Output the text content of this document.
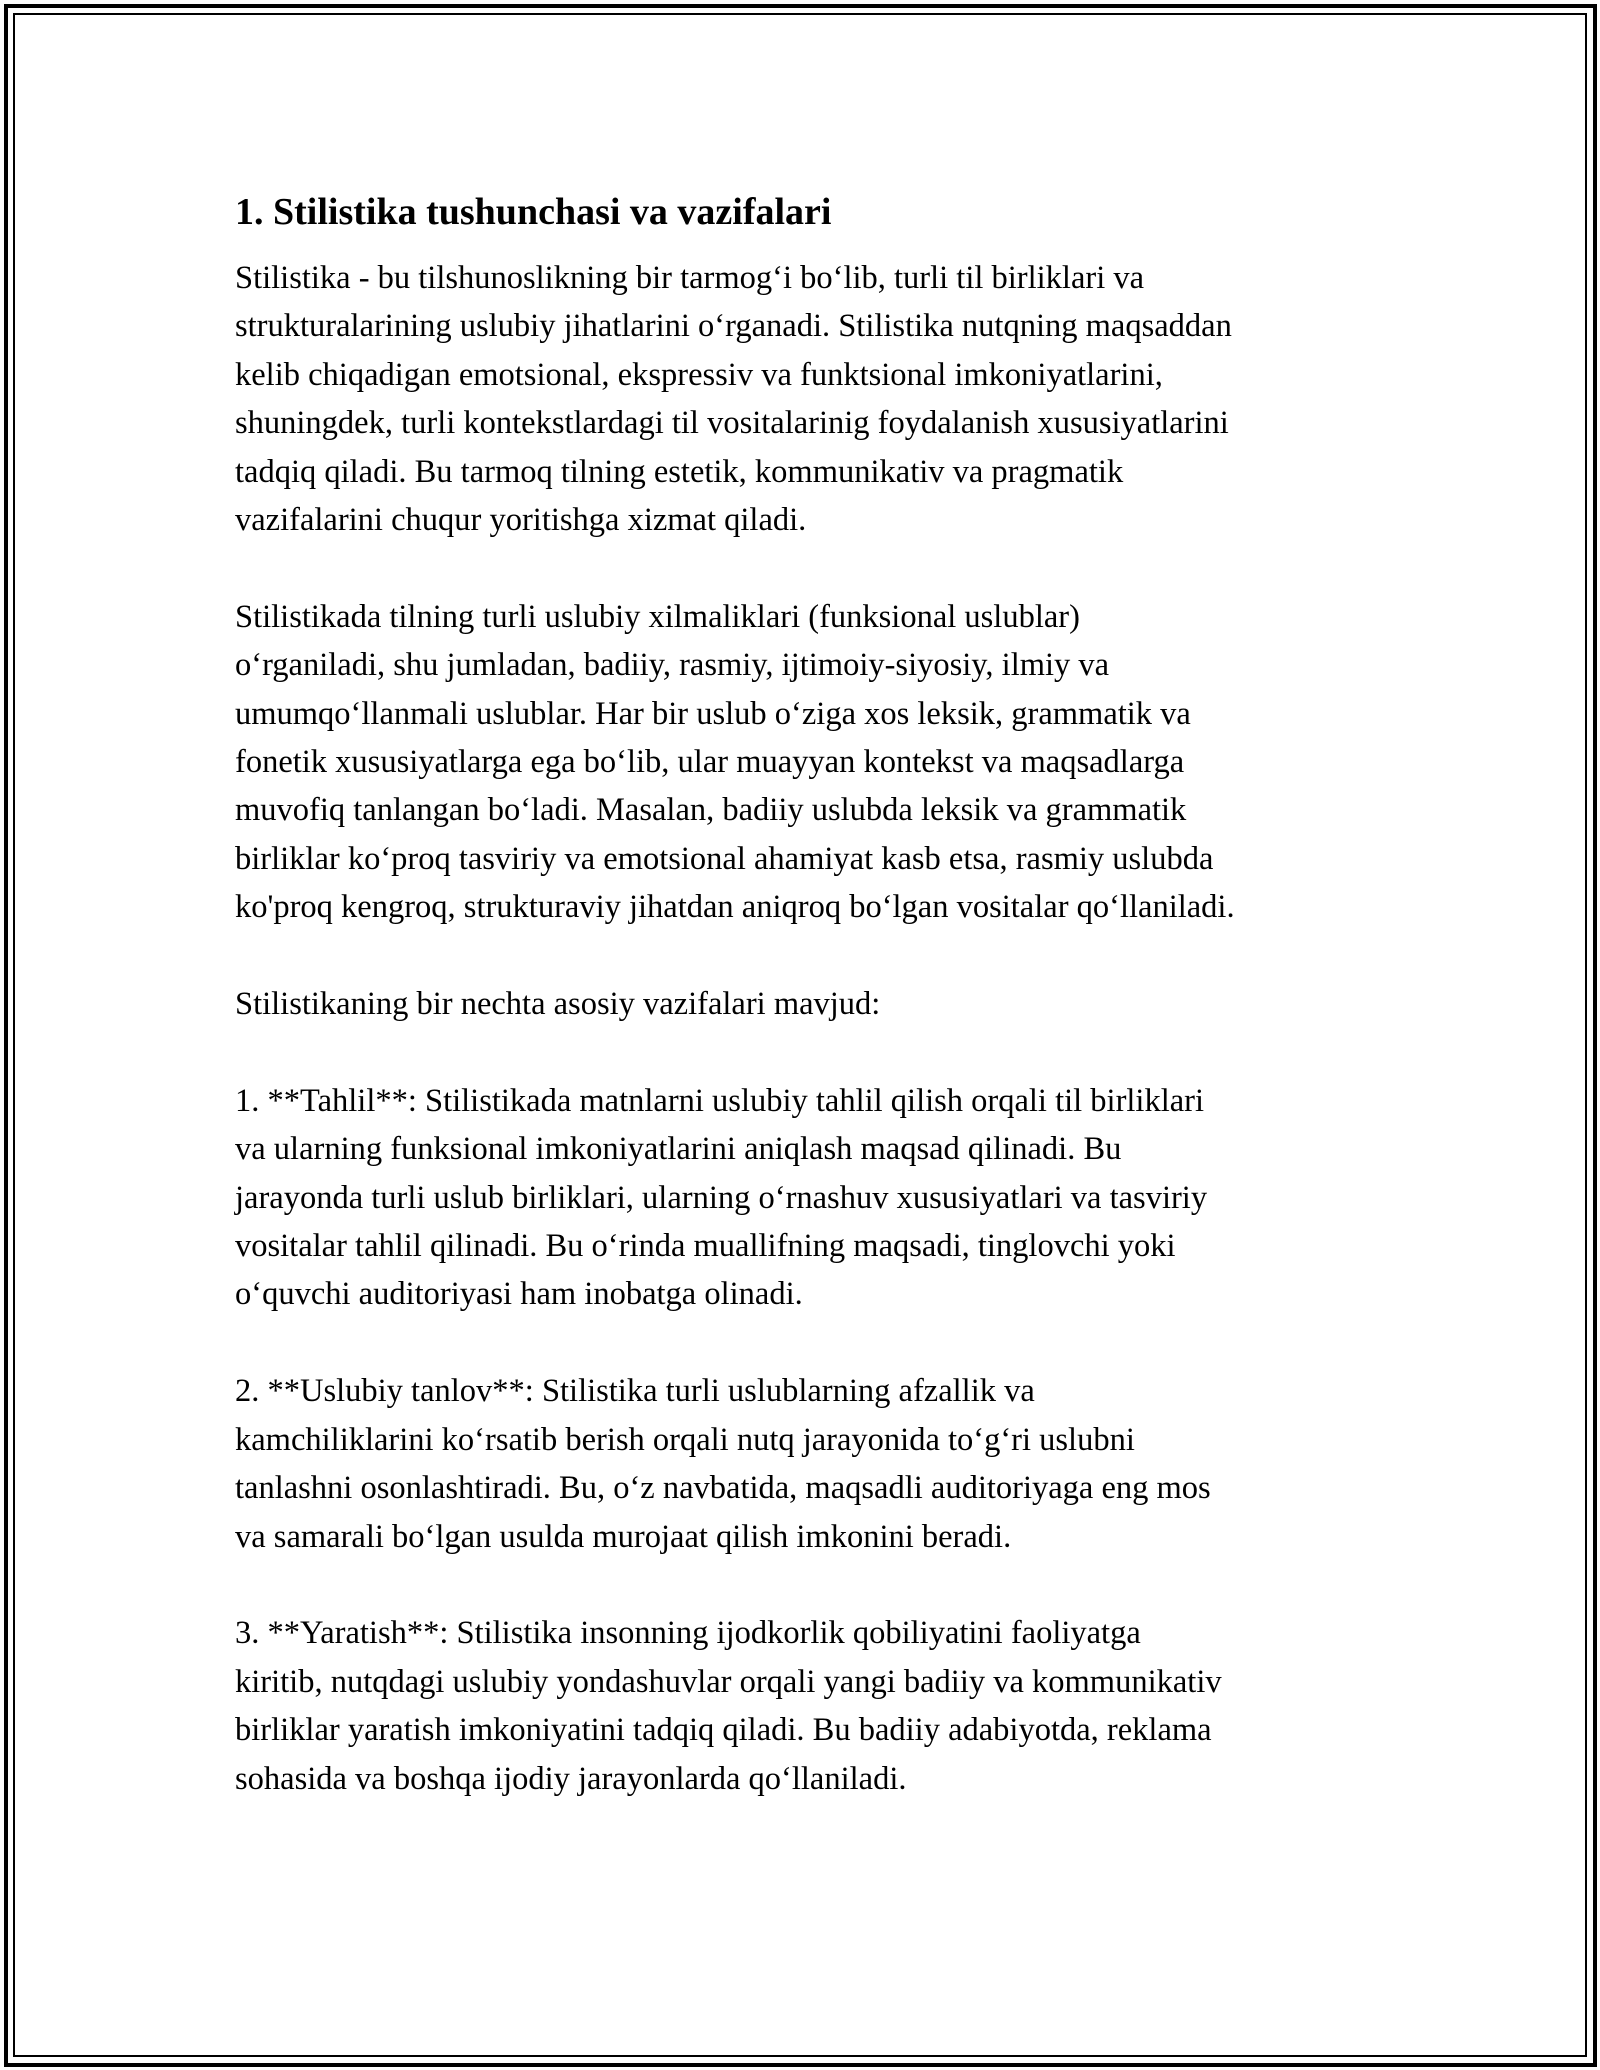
1. Stilistika tushunchasi va vazifalari

Stilistika - bu tilshunoslikning bir tarmog‘i bo‘lib, turli til birliklari va
strukturalarining uslubiy jihatlarini o‘rganadi. Stilistika nutqning maqsaddan
kelib chiqadigan emotsional, ekspressiv va funktsional imkoniyatlarini,
shuningdek, turli kontekstlardagi til vositalarinig foydalanish xususiyatlarini
tadqiq qiladi. Bu tarmoq tilning estetik, kommunikativ va pragmatik
vazifalarini chuqur yoritishga xizmat qiladi.

Stilistikada tilning turli uslubiy xilmaliklari (funksional uslublar)
o‘rganiladi, shu jumladan, badiiy, rasmiy, ijtimoiy-siyosiy, ilmiy va
umumqo‘llanmali uslublar. Har bir uslub o‘ziga xos leksik, grammatik va
fonetik xususiyatlarga ega bo‘lib, ular muayyan kontekst va maqsadlarga
muvofiq tanlangan bo‘ladi. Masalan, badiiy uslubda leksik va grammatik
birliklar ko‘proq tasviriy va emotsional ahamiyat kasb etsa, rasmiy uslubda
ko'proq kengroq, strukturaviy jihatdan aniqroq bo‘lgan vositalar qo‘llaniladi.

Stilistikaning bir nechta asosiy vazifalari mavjud:

1. **Tahlil**: Stilistikada matnlarni uslubiy tahlil qilish orqali til birliklari
va ularning funksional imkoniyatlarini aniqlash maqsad qilinadi. Bu
jarayonda turli uslub birliklari, ularning o‘rnashuv xususiyatlari va tasviriy
vositalar tahlil qilinadi. Bu o‘rinda muallifning maqsadi, tinglovchi yoki
o‘quvchi auditoriyasi ham inobatga olinadi.

2. **Uslubiy tanlov**: Stilistika turli uslublarning afzallik va
kamchiliklarini ko‘rsatib berish orqali nutq jarayonida to‘g‘ri uslubni
tanlashni osonlashtiradi. Bu, o‘z navbatida, maqsadli auditoriyaga eng mos
va samarali bo‘lgan usulda murojaat qilish imkonini beradi.

3. **Yaratish**: Stilistika insonning ijodkorlik qobiliyatini faoliyatga
kiritib, nutqdagi uslubiy yondashuvlar orqali yangi badiiy va kommunikativ
birliklar yaratish imkoniyatini tadqiq qiladi. Bu badiiy adabiyotda, reklama
sohasida va boshqa ijodiy jarayonlarda qo‘llaniladi.
